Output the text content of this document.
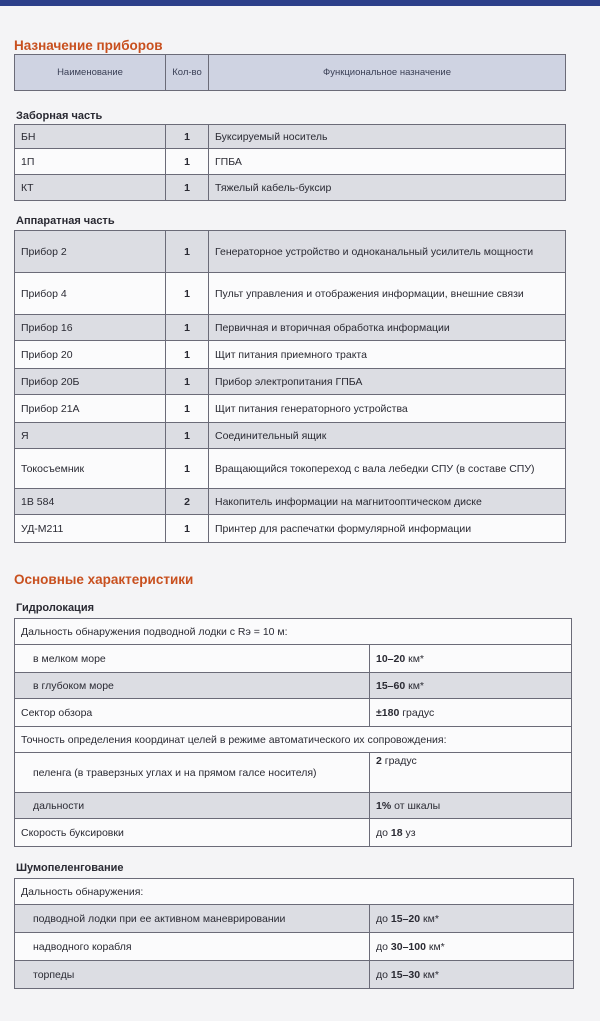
Назначение приборов
Наименование	Кол-во	Функциональное назначение
Заборная часть
БН	1	Буксируемый носитель
1П	1	ГПБА
КТ	1	Тяжелый кабель-буксир
Аппаратная часть
Прибор 2	1	Генераторное устройство и одноканальный усилитель мощности
Прибор 4	1	Пульт управления и отображения информации, внешние связи
Прибор 16	1	Первичная и вторичная обработка информации
Прибор 20	1	Щит питания приемного тракта
Прибор 20Б	1	Прибор электропитания ГПБА
Прибор 21А	1	Щит питания генераторного устройства
Я	1	Соединительный ящик
Токосъемник	1	Вращающийся токопереход с вала лебедки СПУ (в составе СПУ)
1В 584	2	Накопитель информации на магнитооптическом диске
УД-М211	1	Принтер для распечатки формулярной информации
Основные характеристики
Гидролокация
Дальность обнаружения подводной лодки с Rэ = 10 м:	
в мелком море	10–20 км*
в глубоком море	15–60 км*
Сектор обзора	±180 градус
Точность определения координат целей в режиме автоматического их сопровождения:	
пеленга (в траверзных углах и на прямом галсе носителя)	2 градус
дальности	1% от шкалы
Скорость буксировки	до 18 уз
Шумопеленгование
Дальность обнаружения:	
подводной лодки при ее активном маневрировании	до 15–20 км*
надводного корабля	до 30–100 км*
торпеды	до 15–30 км*
